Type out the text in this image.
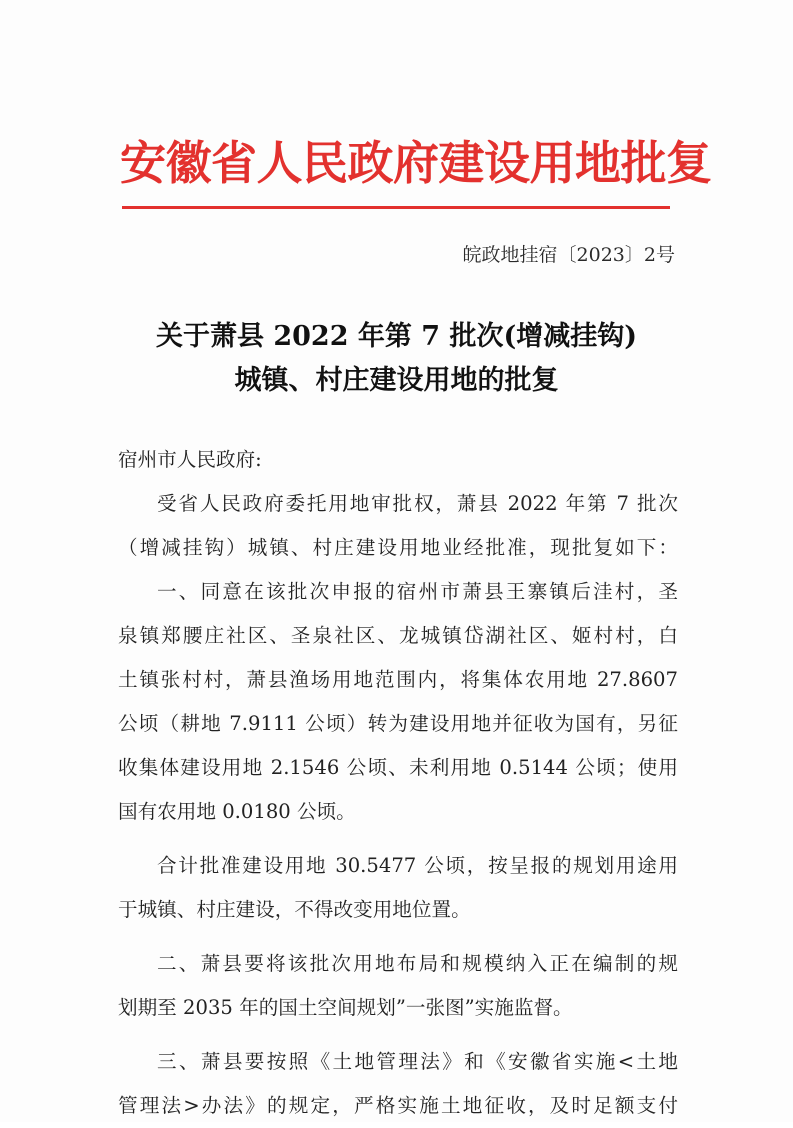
安徽省人民政府建设用地批复
皖政地挂宿〔2023〕2号
关于萧县 2022 年第 7 批次(增减挂钩)
城镇、村庄建设用地的批复
宿州市人民政府:
受省人民政府委托用地审批权，萧县 2022 年第 7 批次
（增减挂钩）城镇、村庄建设用地业经批准，现批复如下：
一、同意在该批次申报的宿州市萧县王寨镇后洼村，圣
泉镇郑腰庄社区、圣泉社区、龙城镇岱湖社区、姬村村，白
土镇张村村，萧县渔场用地范围内，将集体农用地 27.8607
公顷（耕地 7.9111 公顷）转为建设用地并征收为国有，另征
收集体建设用地 2.1546 公顷、未利用地 0.5144 公顷；使用
国有农用地 0.0180 公顷。
合计批准建设用地 30.5477 公顷，按呈报的规划用途用
于城镇、村庄建设，不得改变用地位置。
二、萧县要将该批次用地布局和规模纳入正在编制的规
划期至 2035 年的国土空间规划”一张图”实施监督。
三、萧县要按照《土地管理法》和《安徽省实施<土地
管理法>办法》的规定，严格实施土地征收，及时足额支付
